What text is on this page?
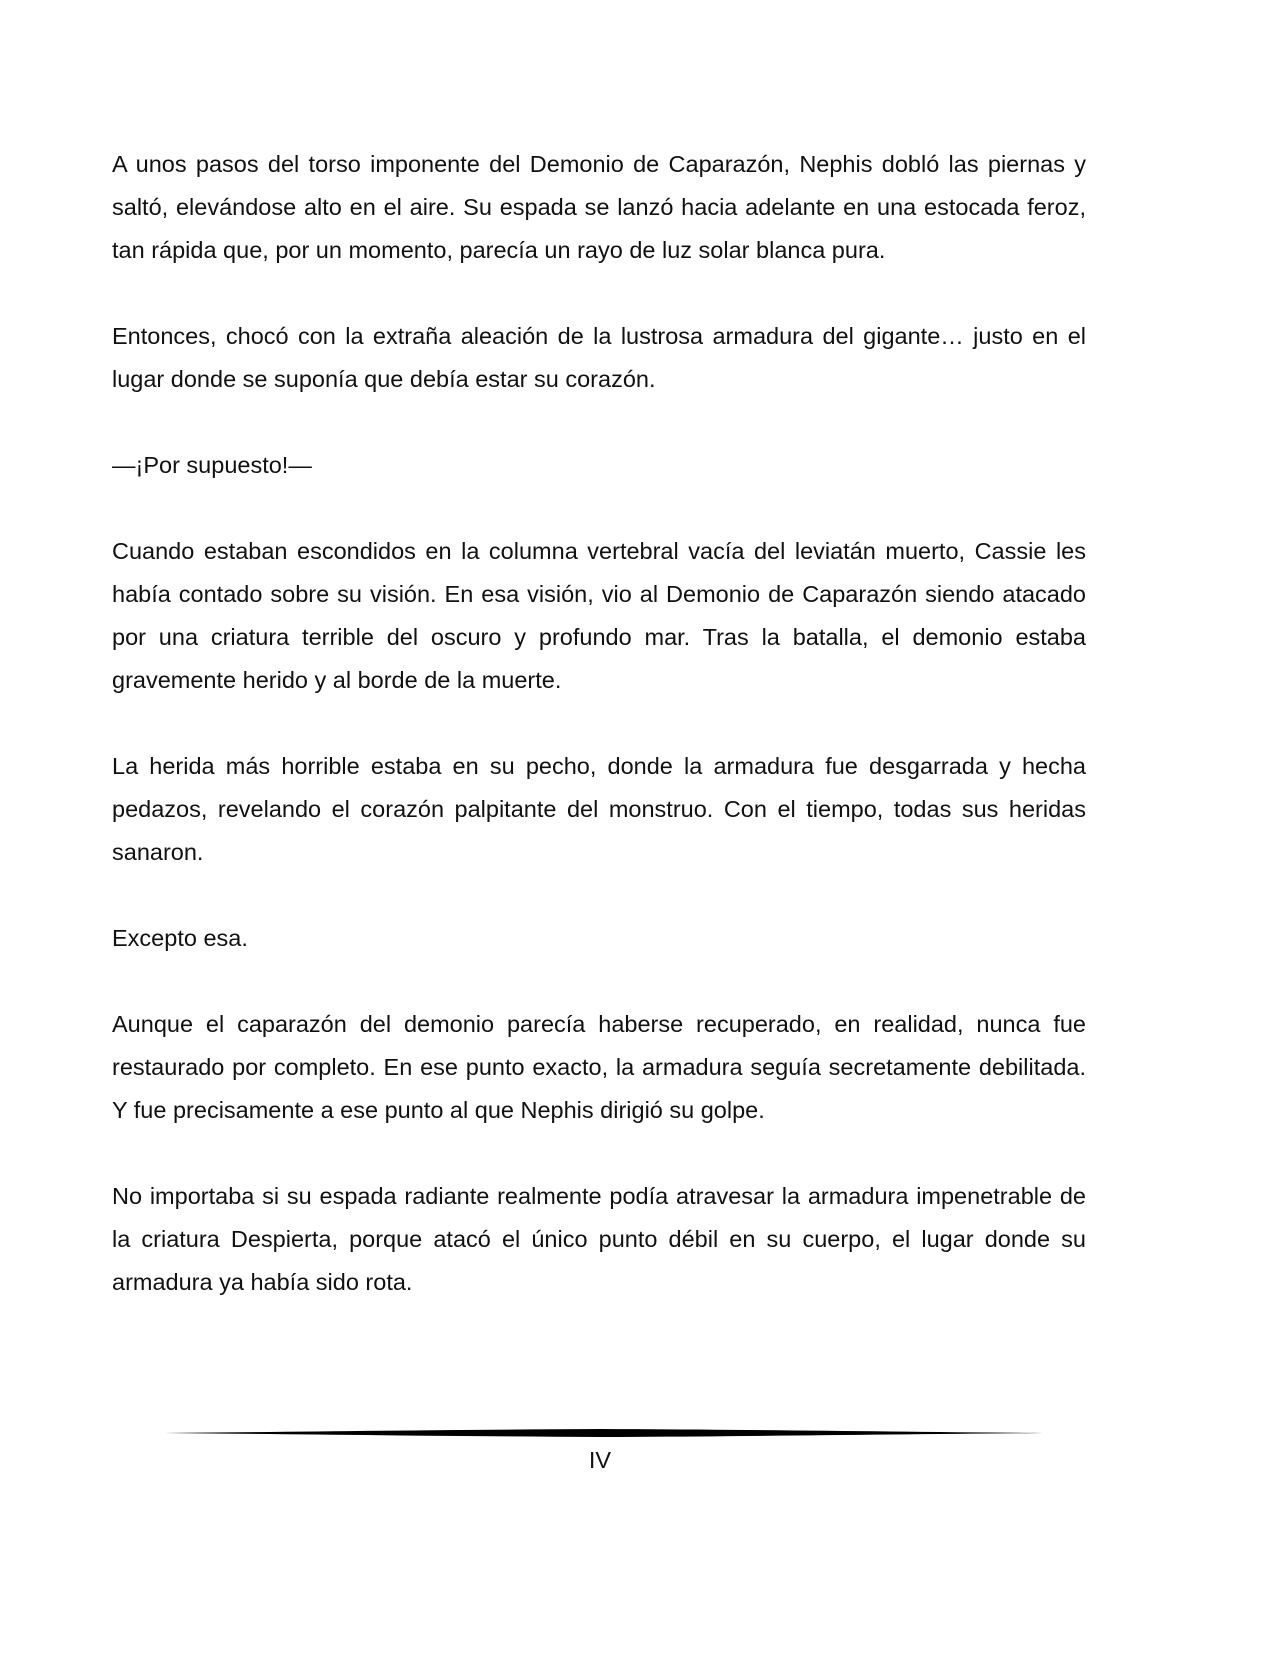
A unos pasos del torso imponente del Demonio de Caparazón, Nephis dobló las piernas y saltó, elevándose alto en el aire. Su espada se lanzó hacia adelante en una estocada feroz, tan rápida que, por un momento, parecía un rayo de luz solar blanca pura.

Entonces, chocó con la extraña aleación de la lustrosa armadura del gigante… justo en el lugar donde se suponía que debía estar su corazón.

—¡Por supuesto!—

Cuando estaban escondidos en la columna vertebral vacía del leviatán muerto, Cassie les había contado sobre su visión. En esa visión, vio al Demonio de Caparazón siendo atacado por una criatura terrible del oscuro y profundo mar. Tras la batalla, el demonio estaba gravemente herido y al borde de la muerte.

La herida más horrible estaba en su pecho, donde la armadura fue desgarrada y hecha pedazos, revelando el corazón palpitante del monstruo. Con el tiempo, todas sus heridas sanaron.

Excepto esa.

Aunque el caparazón del demonio parecía haberse recuperado, en realidad, nunca fue restaurado por completo. En ese punto exacto, la armadura seguía secretamente debilitada. Y fue precisamente a ese punto al que Nephis dirigió su golpe.

No importaba si su espada radiante realmente podía atravesar la armadura impenetrable de la criatura Despierta, porque atacó el único punto débil en su cuerpo, el lugar donde su armadura ya había sido rota.

IV
